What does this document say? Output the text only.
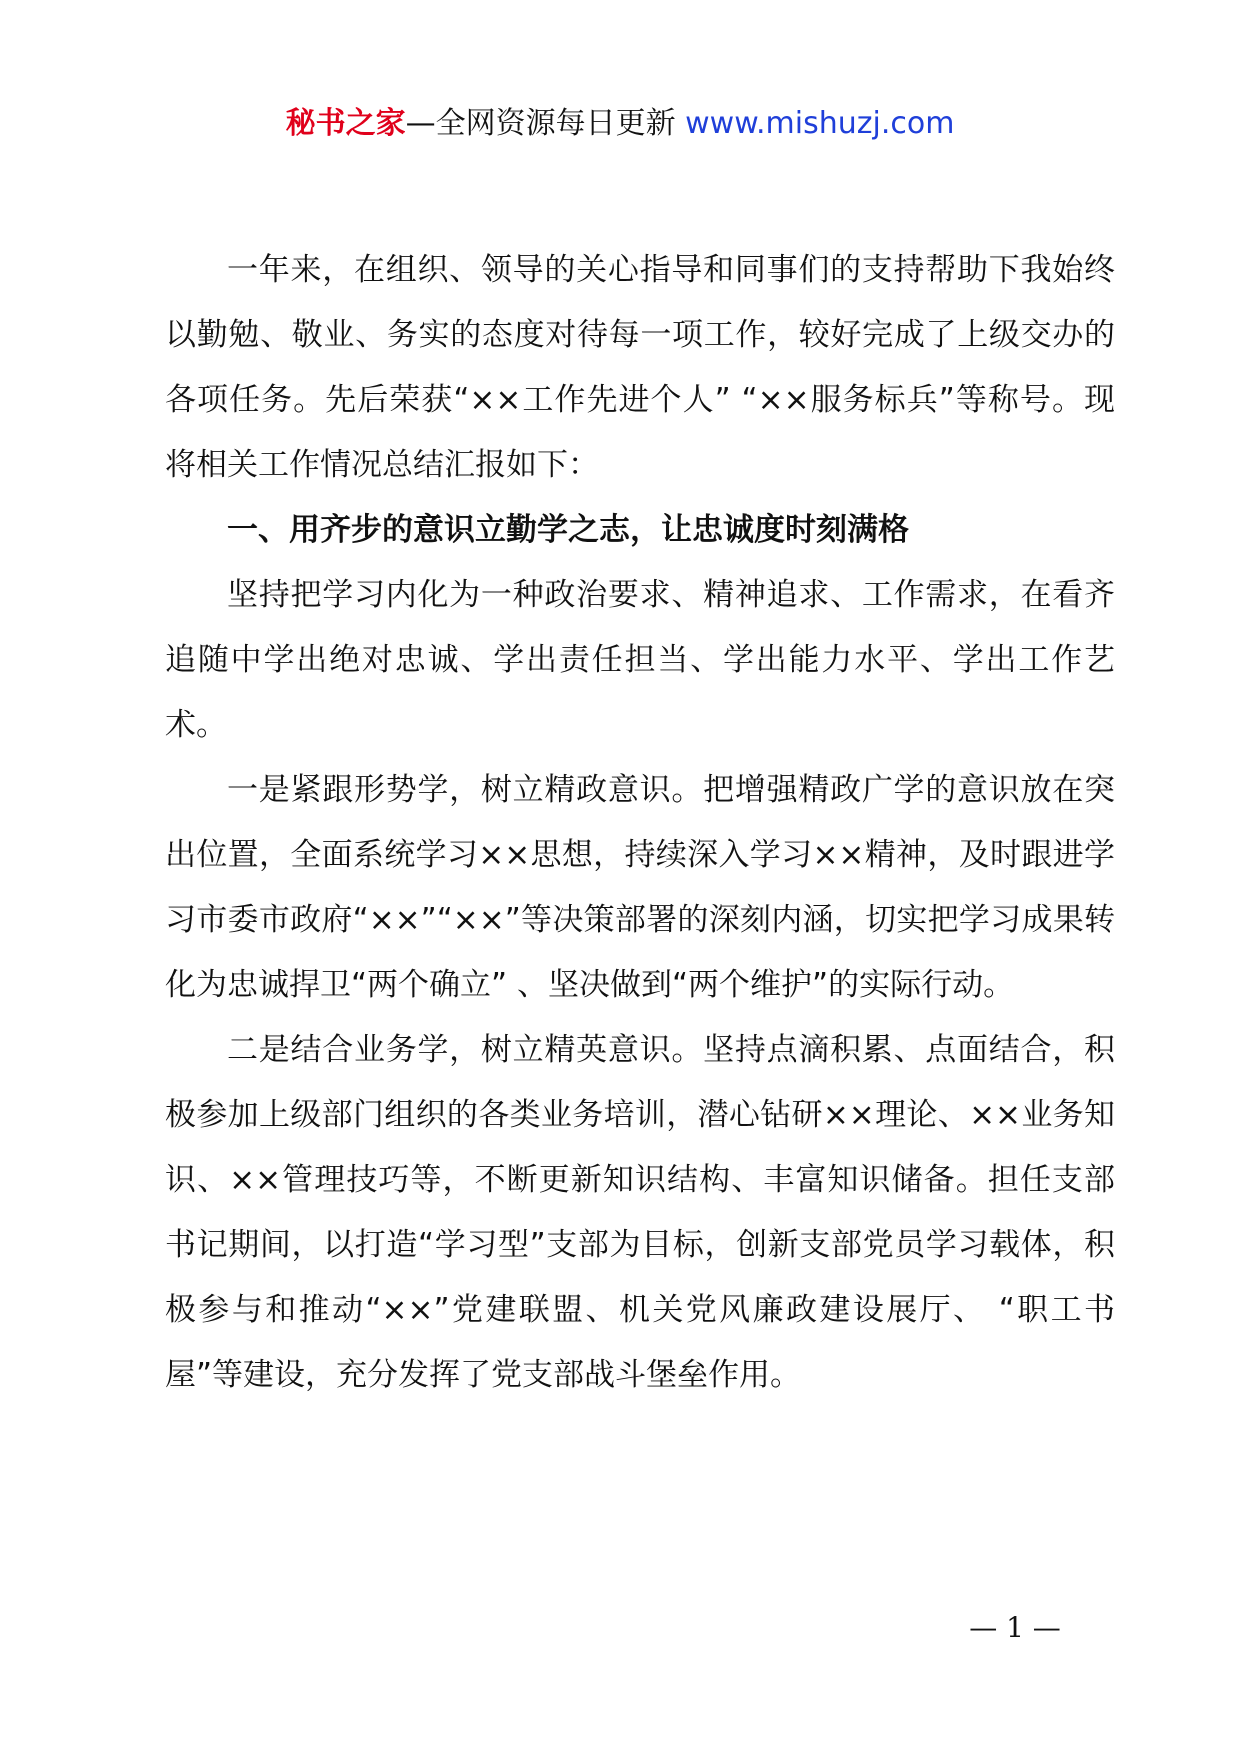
秘书之家—全网资源每日更新 www.mishuzj.com

一年来，在组织、领导的关心指导和同事们的支持帮助下我始终以勤勉、敬业、务实的态度对待每一项工作，较好完成了上级交办的各项任务。先后荣获“××工作先进个人” “××服务标兵”等称号。现将相关工作情况总结汇报如下：

一、用齐步的意识立勤学之志，让忠诚度时刻满格

坚持把学习内化为一种政治要求、精神追求、工作需求，在看齐追随中学出绝对忠诚、学出责任担当、学出能力水平、学出工作艺术。

一是紧跟形势学，树立精政意识。把增强精政广学的意识放在突出位置，全面系统学习××思想，持续深入学习××精神，及时跟进学习市委市政府“××”“××”等决策部署的深刻内涵，切实把学习成果转化为忠诚捍卫“两个确立” 、坚决做到“两个维护”的实际行动。

二是结合业务学，树立精英意识。坚持点滴积累、点面结合，积极参加上级部门组织的各类业务培训，潜心钻研××理论、××业务知识、××管理技巧等，不断更新知识结构、丰富知识储备。担任支部书记期间，以打造“学习型”支部为目标，创新支部党员学习载体，积极参与和推动“××”党建联盟、机关党风廉政建设展厅、 “职工书屋”等建设，充分发挥了党支部战斗堡垒作用。

— 1 —
